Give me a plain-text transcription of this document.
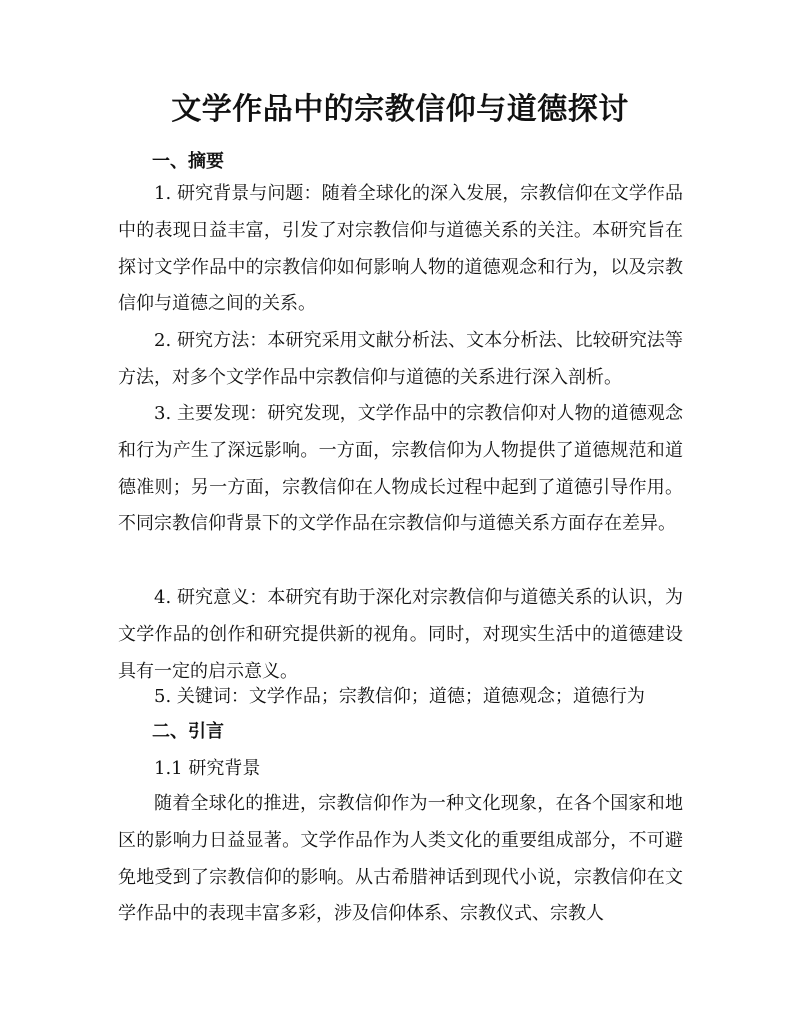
文学作品中的宗教信仰与道德探讨
一、摘要

1. 研究背景与问题：随着全球化的深入发展，宗教信仰在文学作品中的表现日益丰富，引发了对宗教信仰与道德关系的关注。本研究旨在探讨文学作品中的宗教信仰如何影响人物的道德观念和行为，以及宗教信仰与道德之间的关系。

2. 研究方法：本研究采用文献分析法、文本分析法、比较研究法等方法，对多个文学作品中宗教信仰与道德的关系进行深入剖析。

3. 主要发现：研究发现，文学作品中的宗教信仰对人物的道德观念和行为产生了深远影响。一方面，宗教信仰为人物提供了道德规范和道德准则；另一方面，宗教信仰在人物成长过程中起到了道德引导作用。不同宗教信仰背景下的文学作品在宗教信仰与道德关系方面存在差异。

4. 研究意义：本研究有助于深化对宗教信仰与道德关系的认识，为文学作品的创作和研究提供新的视角。同时，对现实生活中的道德建设具有一定的启示意义。

5. 关键词：文学作品；宗教信仰；道德；道德观念；道德行为

二、引言
1.1 研究背景

随着全球化的推进，宗教信仰作为一种文化现象，在各个国家和地区的影响力日益显著。文学作品作为人类文化的重要组成部分，不可避免地受到了宗教信仰的影响。从古希腊神话到现代小说，宗教信仰在文学作品中的表现丰富多彩，涉及信仰体系、宗教仪式、宗教人
